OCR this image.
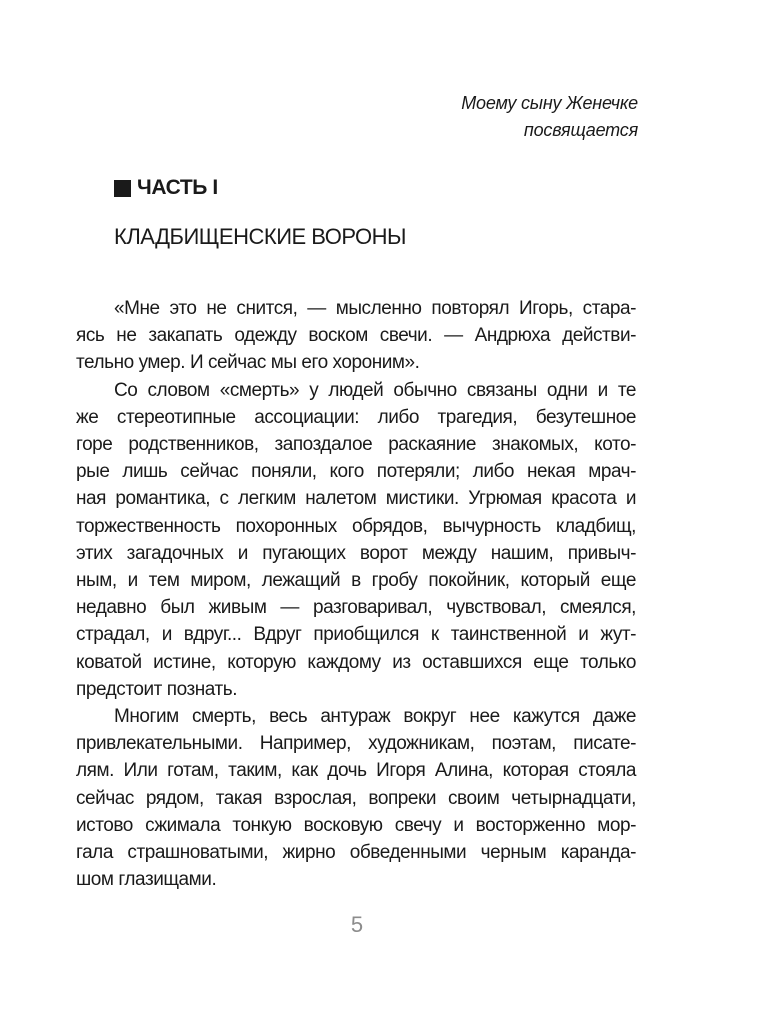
Моему сыну Женечке
посвящается
ЧАСТЬ I
КЛАДБИЩЕНСКИЕ ВОРОНЫ
«Мне это не снится, — мысленно повторял Игорь, стара-
ясь не закапать одежду воском свечи. — Андрюха действи-
тельно умер. И сейчас мы его хороним».
Со словом «смерть» у людей обычно связаны одни и те
же стереотипные ассоциации: либо трагедия, безутешное
горе родственников, запоздалое раскаяние знакомых, кото-
рые лишь сейчас поняли, кого потеряли; либо некая мрач-
ная романтика, с легким налетом мистики. Угрюмая красота и
торжественность похоронных обрядов, вычурность кладбищ,
этих загадочных и пугающих ворот между нашим, привыч-
ным, и тем миром, лежащий в гробу покойник, который еще
недавно был живым — разговаривал, чувствовал, смеялся,
страдал, и вдруг... Вдруг приобщился к таинственной и жут-
коватой истине, которую каждому из оставшихся еще только
предстоит познать.
Многим смерть, весь антураж вокруг нее кажутся даже
привлекательными. Например, художникам, поэтам, писате-
лям. Или готам, таким, как дочь Игоря Алина, которая стояла
сейчас рядом, такая взрослая, вопреки своим четырнадцати,
истово сжимала тонкую восковую свечу и восторженно мор-
гала страшноватыми, жирно обведенными черным каранда-
шом глазищами.
5
